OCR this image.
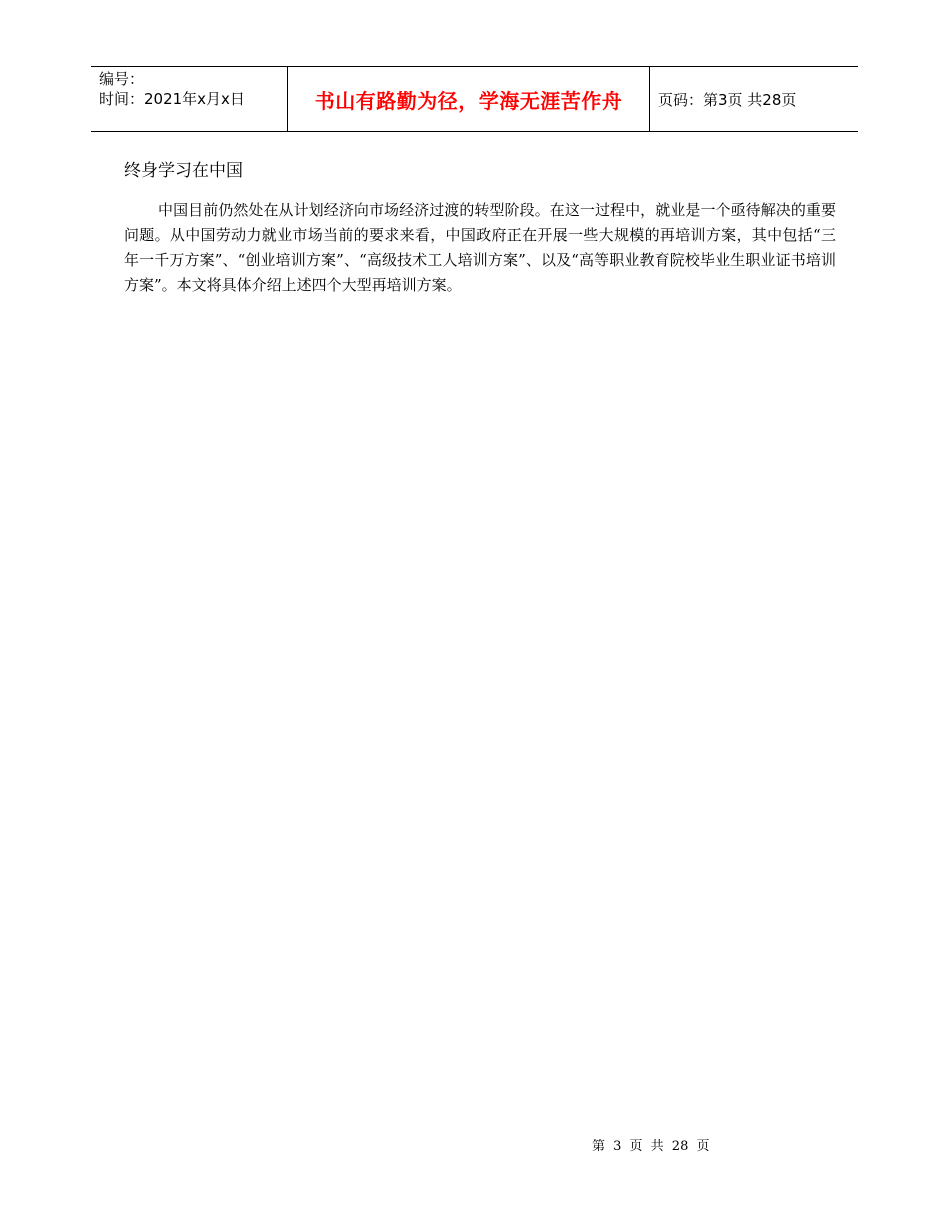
编号：
时间：2021年x月x日	书山有路勤为径，学海无涯苦作舟	页码：第3页 共28页
终身学习在中国

中国目前仍然处在从计划经济向市场经济过渡的转型阶段。在这一过程中，就业是一个亟待解决的重要问题。从中国劳动力就业市场当前的要求来看，中国政府正在开展一些大规模的再培训方案，其中包括“三年一千万方案”、“创业培训方案”、“高级技术工人培训方案”、以及“高等职业教育院校毕业生职业证书培训方案”。本文将具体介绍上述四个大型再培训方案。

第 3 页 共 28 页
